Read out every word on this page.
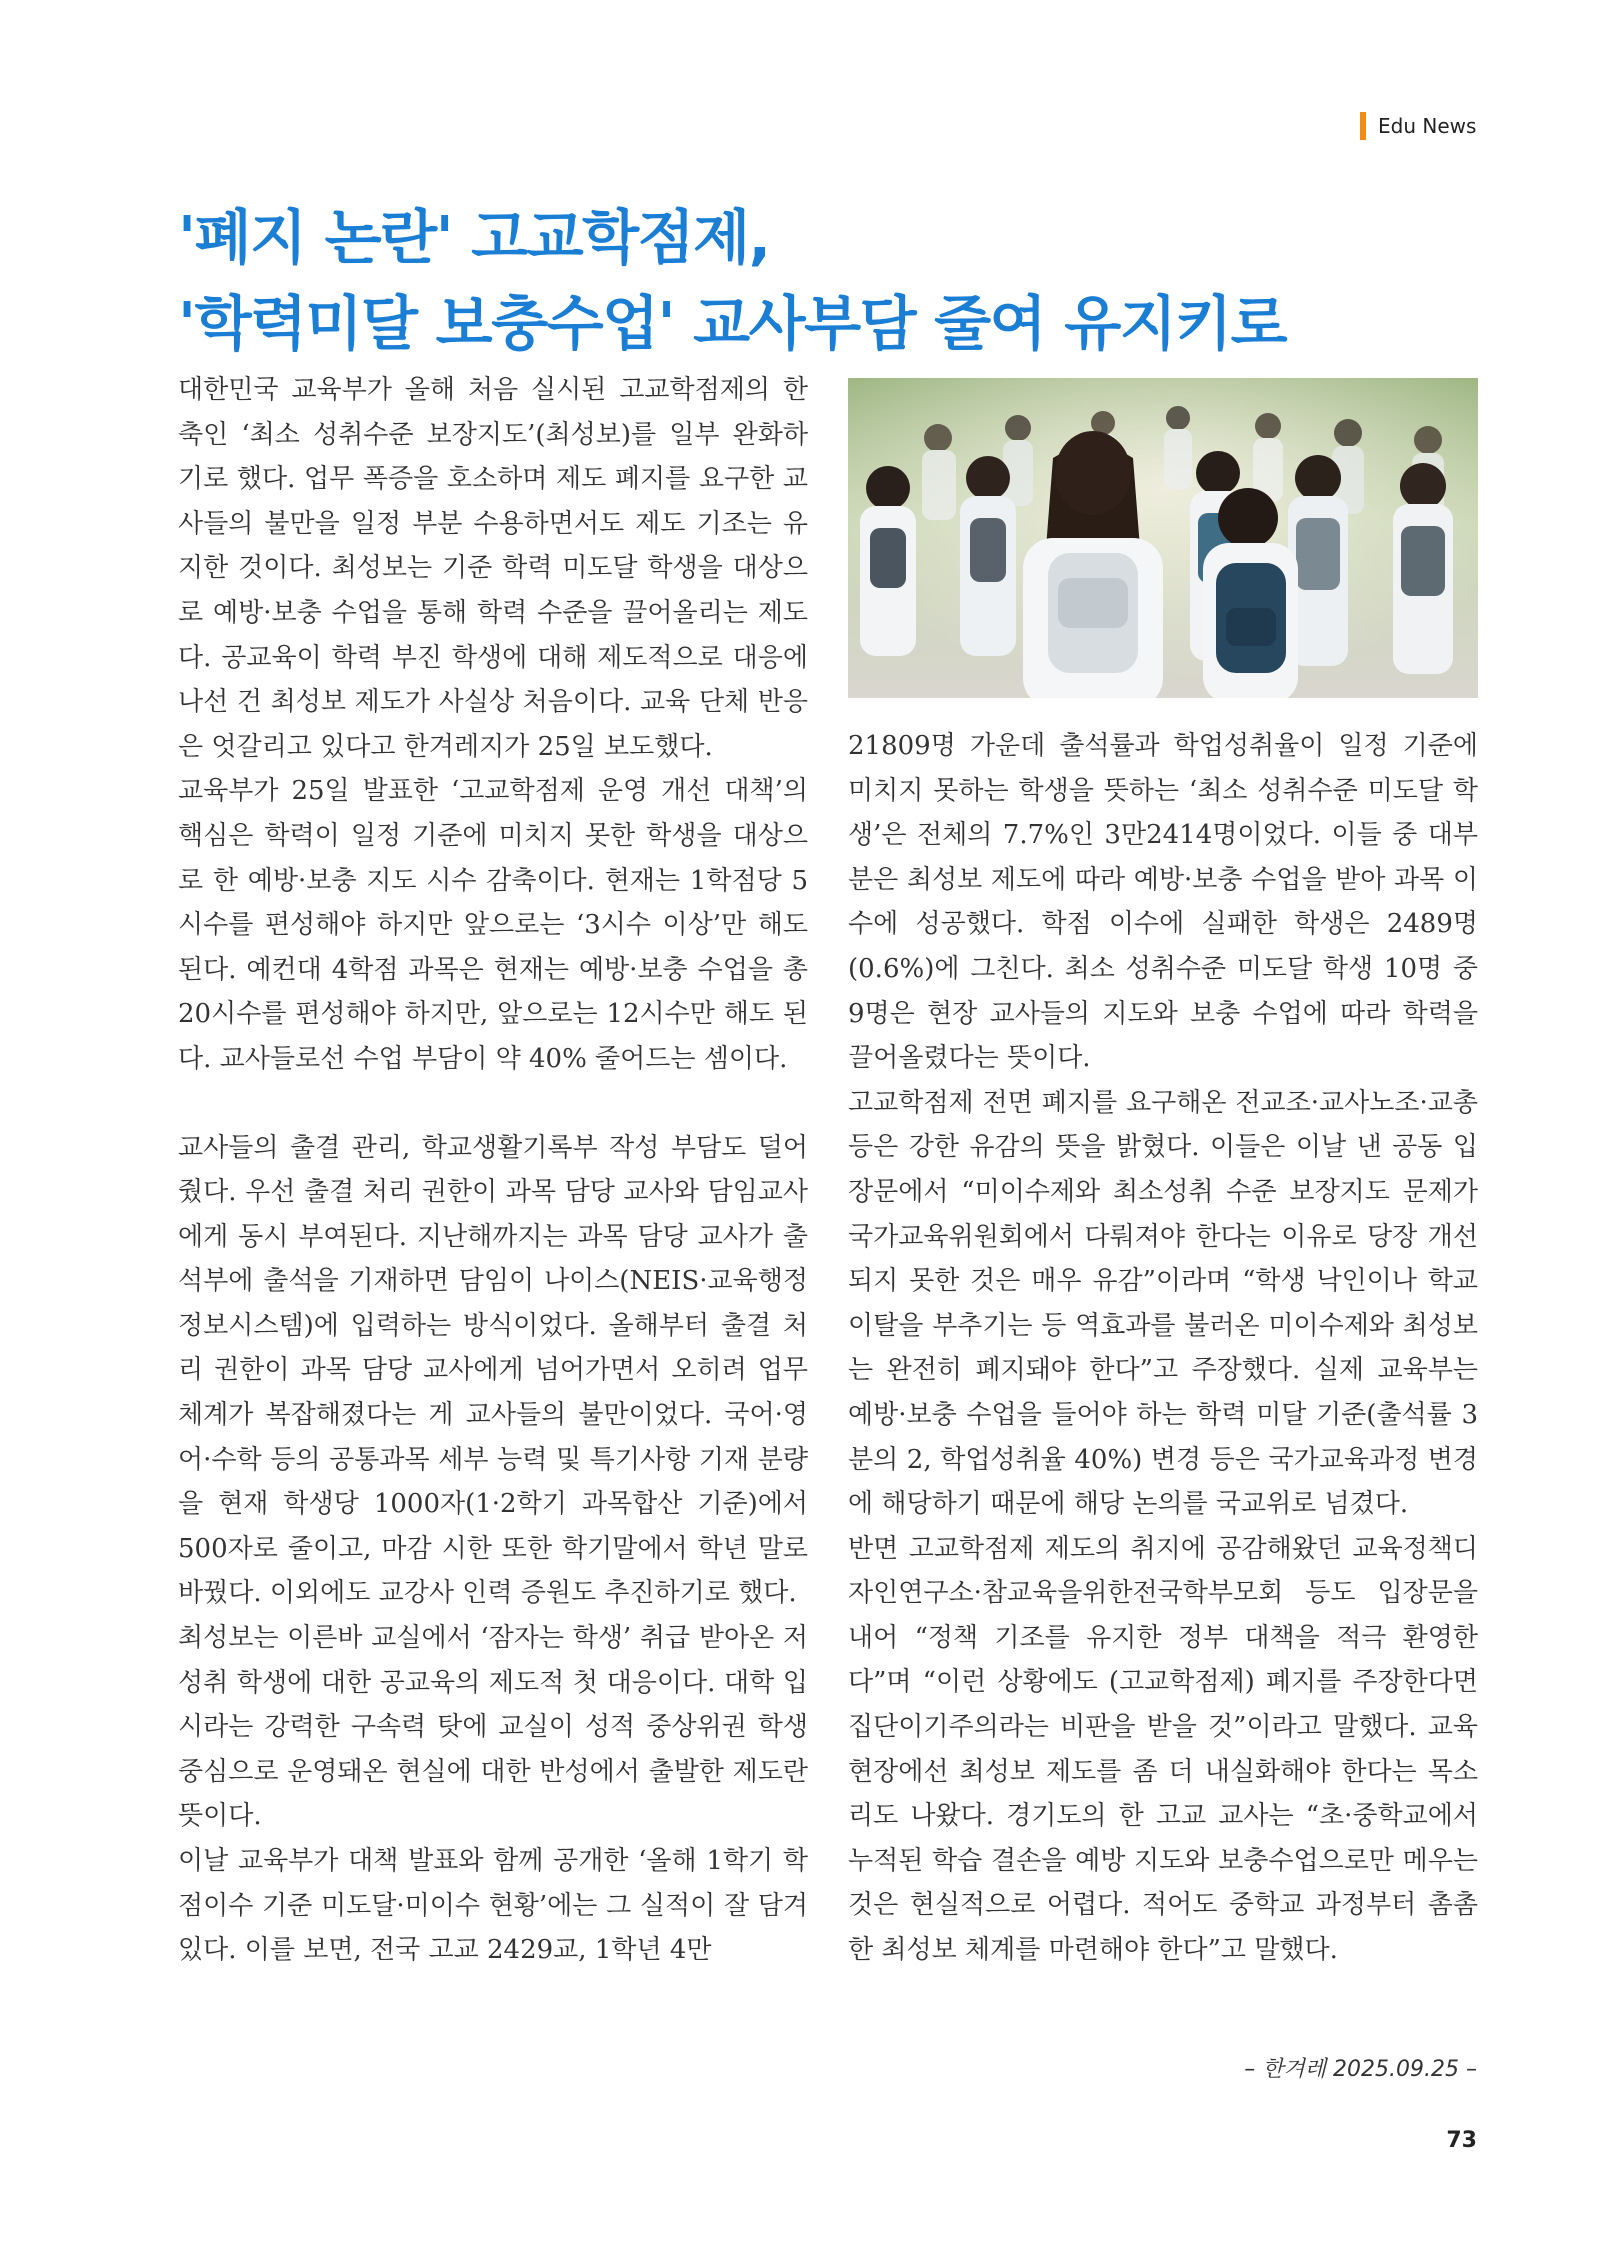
Edu News
'폐지 논란' 고교학점제,
'학력미달 보충수업' 교사부담 줄여 유지키로

대한민국 교육부가 올해 처음 실시된 고교학점제의 한 축인 ‘최소 성취수준 보장지도’(최성보)를 일부 완화하기로 했다. 업무 폭증을 호소하며 제도 폐지를 요구한 교사들의 불만을 일정 부분 수용하면서도 제도 기조는 유지한 것이다. 최성보는 기준 학력 미도달 학생을 대상으로 예방·보충 수업을 통해 학력 수준을 끌어올리는 제도다. 공교육이 학력 부진 학생에 대해 제도적으로 대응에 나선 건 최성보 제도가 사실상 처음이다. 교육 단체 반응은 엇갈리고 있다고 한겨레지가 25일 보도했다.

교육부가 25일 발표한 ‘고교학점제 운영 개선 대책’의 핵심은 학력이 일정 기준에 미치지 못한 학생을 대상으로 한 예방·보충 지도 시수 감축이다. 현재는 1학점당 5시수를 편성해야 하지만 앞으로는 ‘3시수 이상’만 해도 된다. 예컨대 4학점 과목은 현재는 예방·보충 수업을 총 20시수를 편성해야 하지만, 앞으로는 12시수만 해도 된다. 교사들로선 수업 부담이 약 40% 줄어드는 셈이다.

교사들의 출결 관리, 학교생활기록부 작성 부담도 덜어줬다. 우선 출결 처리 권한이 과목 담당 교사와 담임교사에게 동시 부여된다. 지난해까지는 과목 담당 교사가 출석부에 출석을 기재하면 담임이 나이스(NEIS·교육행정정보시스템)에 입력하는 방식이었다. 올해부터 출결 처리 권한이 과목 담당 교사에게 넘어가면서 오히려 업무 체계가 복잡해졌다는 게 교사들의 불만이었다. 국어·영어·수학 등의 공통과목 세부 능력 및 특기사항 기재 분량을 현재 학생당 1000자(1·2학기 과목합산 기준)에서 500자로 줄이고, 마감 시한 또한 학기말에서 학년 말로 바꿨다. 이외에도 교강사 인력 증원도 추진하기로 했다.

최성보는 이른바 교실에서 ‘잠자는 학생’ 취급 받아온 저성취 학생에 대한 공교육의 제도적 첫 대응이다. 대학 입시라는 강력한 구속력 탓에 교실이 성적 중상위권 학생 중심으로 운영돼온 현실에 대한 반성에서 출발한 제도란 뜻이다.

이날 교육부가 대책 발표와 함께 공개한 ‘올해 1학기 학점이수 기준 미도달·미이수 현황’에는 그 실적이 잘 담겨 있다. 이를 보면, 전국 고교 2429교, 1학년 4만

21809명 가운데 출석률과 학업성취율이 일정 기준에 미치지 못하는 학생을 뜻하는 ‘최소 성취수준 미도달 학생’은 전체의 7.7%인 3만2414명이었다. 이들 중 대부분은 최성보 제도에 따라 예방·보충 수업을 받아 과목 이수에 성공했다. 학점 이수에 실패한 학생은 2489명(0.6%)에 그친다. 최소 성취수준 미도달 학생 10명 중 9명은 현장 교사들의 지도와 보충 수업에 따라 학력을 끌어올렸다는 뜻이다.

고교학점제 전면 폐지를 요구해온 전교조·교사노조·교총 등은 강한 유감의 뜻을 밝혔다. 이들은 이날 낸 공동 입장문에서 “미이수제와 최소성취 수준 보장지도 문제가 국가교육위원회에서 다뤄져야 한다는 이유로 당장 개선되지 못한 것은 매우 유감”이라며 “학생 낙인이나 학교 이탈을 부추기는 등 역효과를 불러온 미이수제와 최성보는 완전히 폐지돼야 한다”고 주장했다. 실제 교육부는 예방·보충 수업을 들어야 하는 학력 미달 기준(출석률 3분의 2, 학업성취율 40%) 변경 등은 국가교육과정 변경에 해당하기 때문에 해당 논의를 국교위로 넘겼다.

반면 고교학점제 제도의 취지에 공감해왔던 교육정책디자인연구소·참교육을위한전국학부모회 등도 입장문을 내어 “정책 기조를 유지한 정부 대책을 적극 환영한다”며 “이런 상황에도 (고교학점제) 폐지를 주장한다면 집단이기주의라는 비판을 받을 것”이라고 말했다. 교육 현장에선 최성보 제도를 좀 더 내실화해야 한다는 목소리도 나왔다. 경기도의 한 고교 교사는 “초·중학교에서 누적된 학습 결손을 예방 지도와 보충수업으로만 메우는 것은 현실적으로 어렵다. 적어도 중학교 과정부터 촘촘한 최성보 체계를 마련해야 한다”고 말했다.

– 한겨레 2025.09.25 –
73
